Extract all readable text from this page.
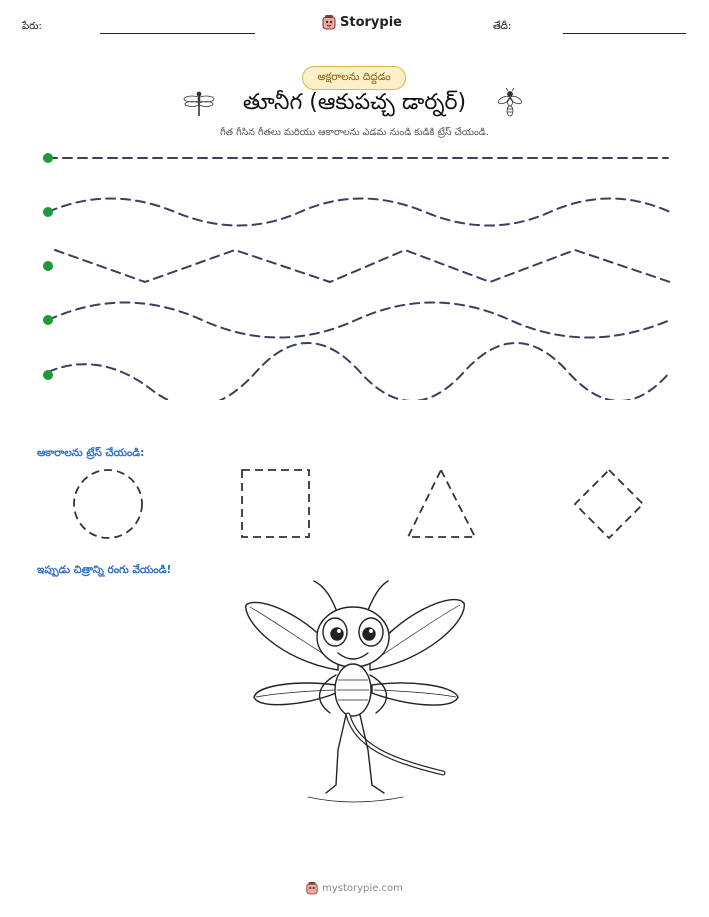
పేరు:	Storypie	తేదీ:
అక్షరాలను దిద్దడం
తూనీగ (ఆకుపచ్చ డార్నర్)
గీత గీసిన గీతలు మరియు ఆకారాలను ఎడమ నుండి కుడికి ట్రేస్ చేయండి.
ఆకారాలను ట్రేస్ చేయండి:
ఇప్పుడు చిత్రాన్ని రంగు వేయండి!
mystorypie.com
